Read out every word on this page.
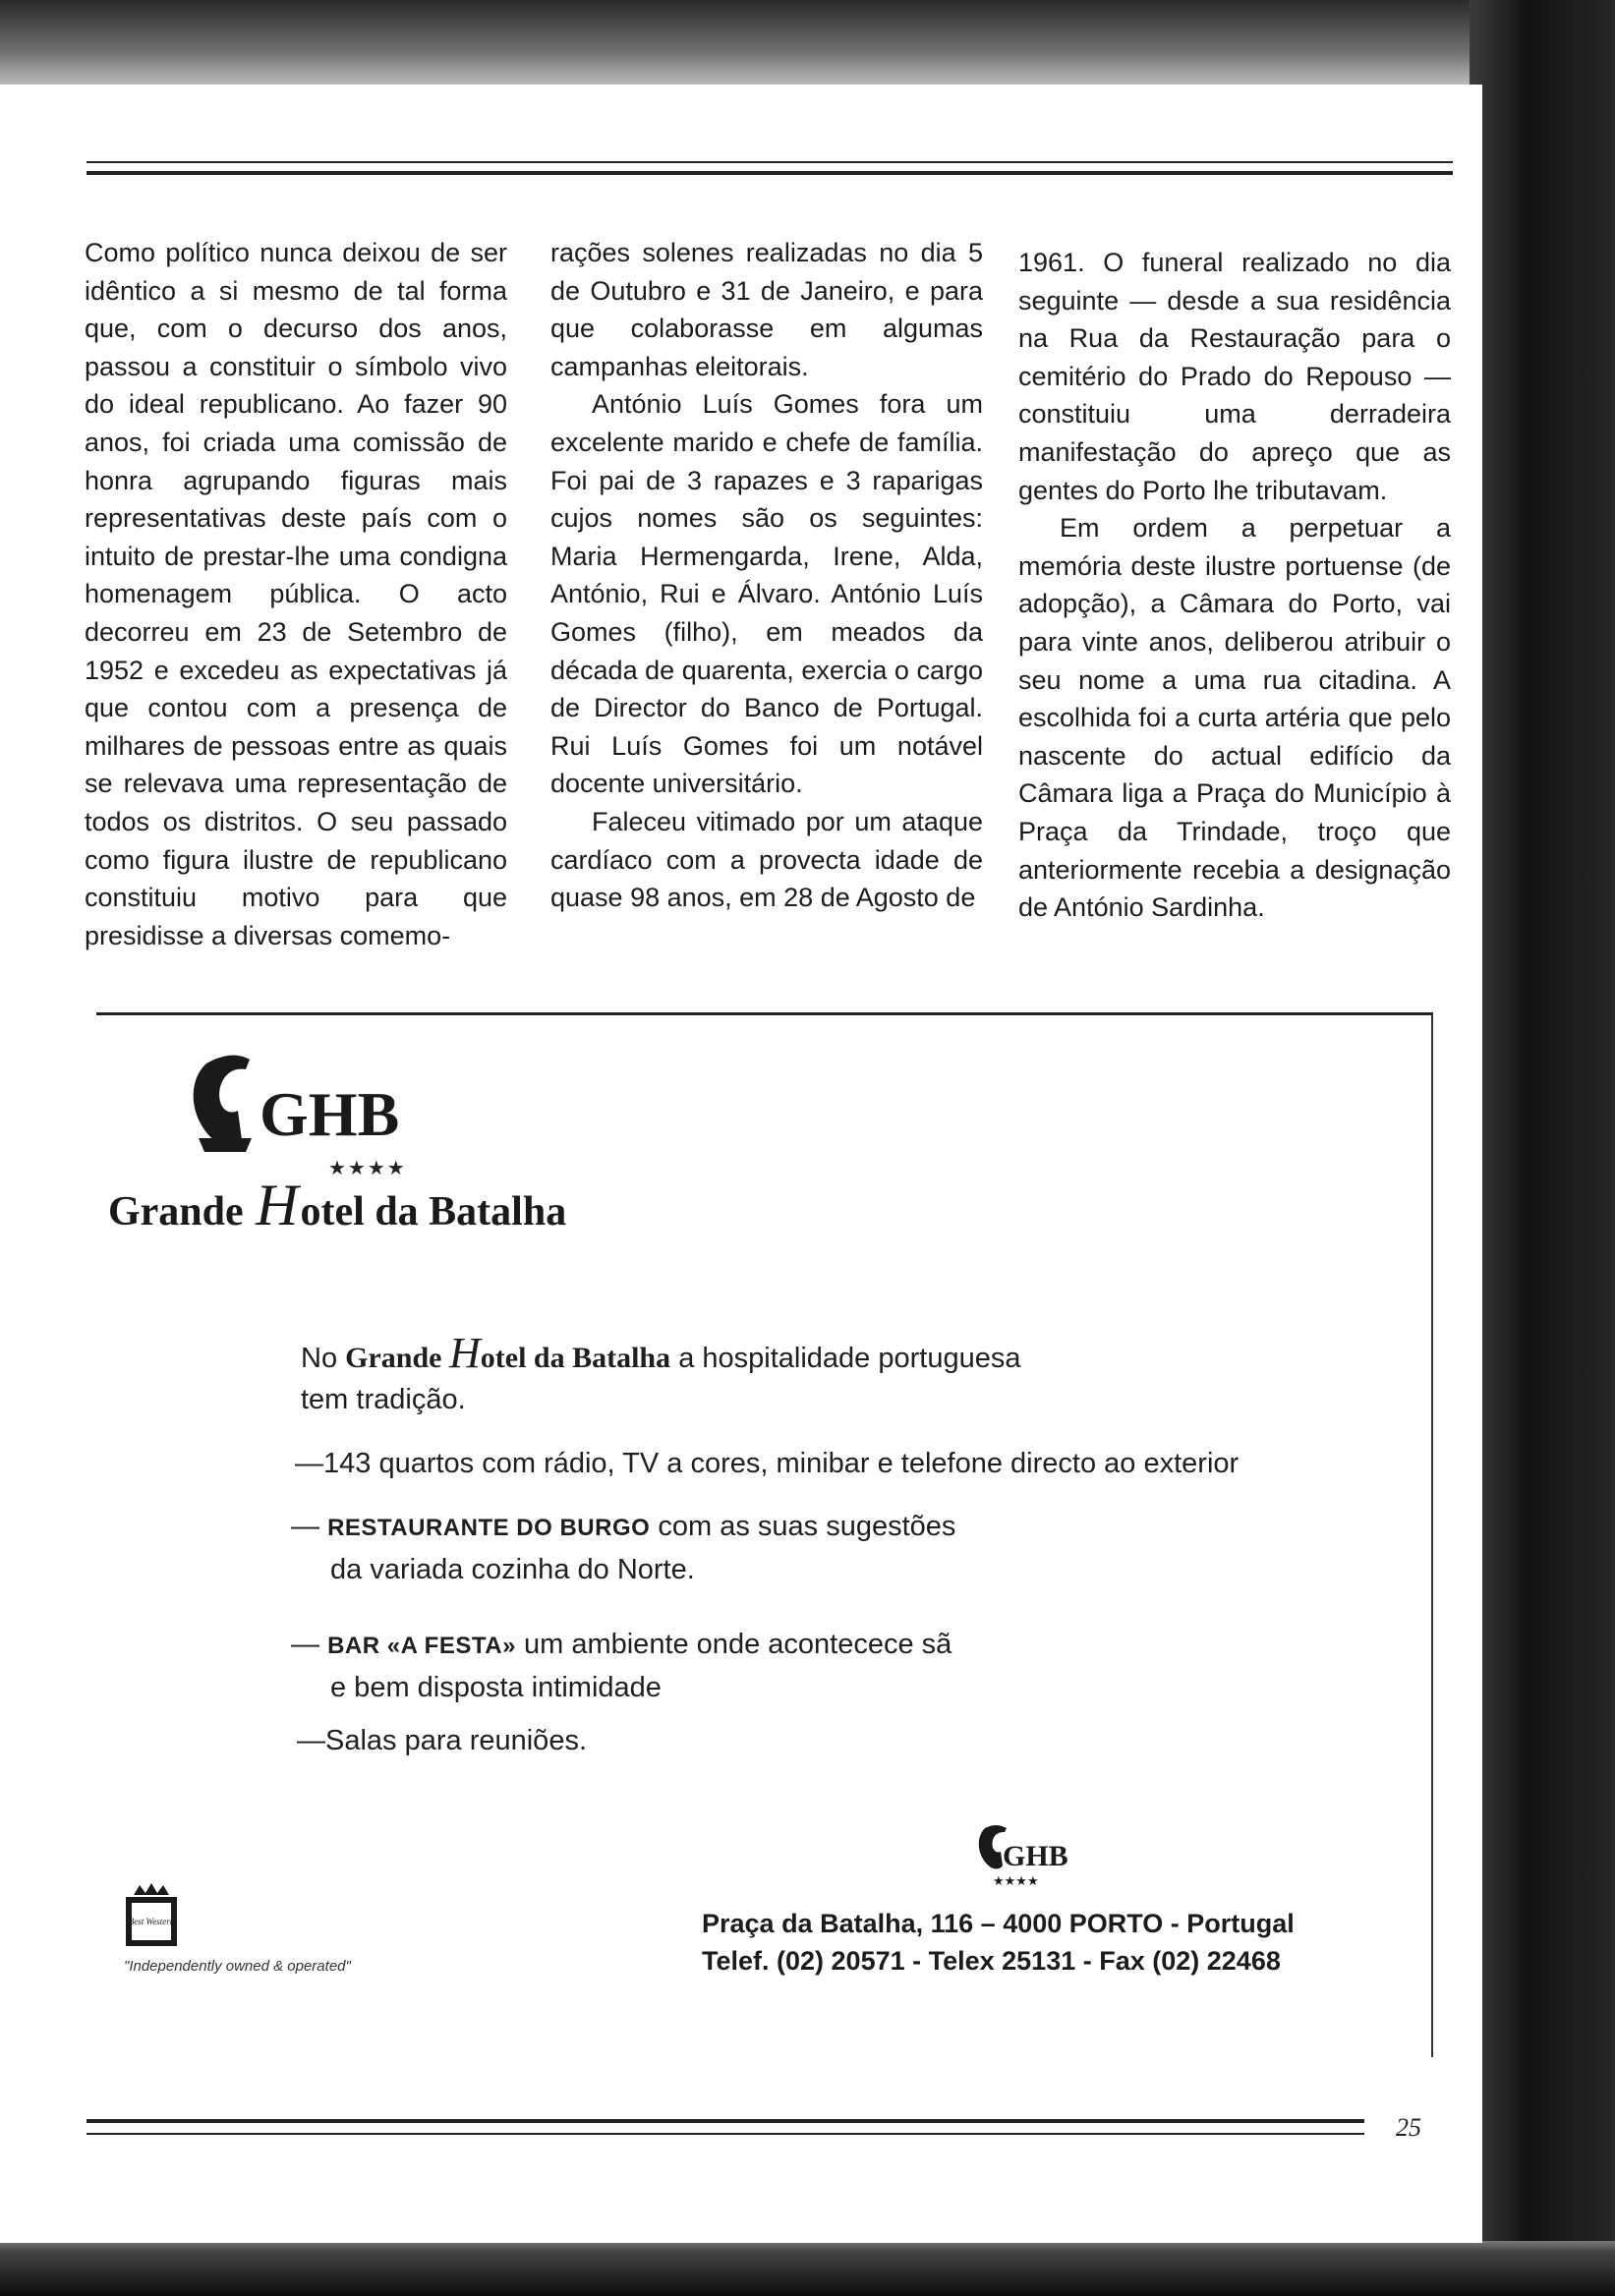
Como político nunca deixou de ser idêntico a si mesmo de tal forma que, com o decurso dos anos, passou a constituir o símbolo vivo do ideal republicano. Ao fazer 90 anos, foi criada uma comissão de honra agrupando figuras mais representativas deste país com o intuito de prestar-lhe uma condigna homenagem pública. O acto decorreu em 23 de Setembro de 1952 e excedeu as expectativas já que contou com a presença de milhares de pessoas entre as quais se relevava uma representação de todos os distritos. O seu passado como figura ilustre de republicano constituiu motivo para que presidisse a diversas comemo-

rações solenes realizadas no dia 5 de Outubro e 31 de Janeiro, e para que colaborasse em algumas campanhas eleitorais.

António Luís Gomes fora um excelente marido e chefe de família. Foi pai de 3 rapazes e 3 raparigas cujos nomes são os seguintes: Maria Hermengarda, Irene, Alda, António, Rui e Álvaro. António Luís Gomes (filho), em meados da década de quarenta, exercia o cargo de Director do Banco de Portugal. Rui Luís Gomes foi um notável docente universitário.

Faleceu vitimado por um ataque cardíaco com a provecta idade de quase 98 anos, em 28 de Agosto de

1961. O funeral realizado no dia seguinte — desde a sua residência na Rua da Restauração para o cemitério do Prado do Repouso — constituiu uma derradeira manifestação do apreço que as gentes do Porto lhe tributavam.

Em ordem a perpetuar a memória deste ilustre portuense (de adopção), a Câmara do Porto, vai para vinte anos, deliberou atribuir o seu nome a uma rua citadina. A escolhida foi a curta artéria que pelo nascente do actual edifício da Câmara liga a Praça do Município à Praça da Trindade, troço que anteriormente recebia a designação de António Sardinha.

GHB
★★★★
Grande Hotel da Batalha

No Grande Hotel da Batalha a hospitalidade portuguesa
tem tradição.

—143 quartos com rádio, TV a cores, minibar e telefone directo ao exterior

— RESTAURANTE DO BURGO com as suas sugestões
da variada cozinha do Norte.

— BAR «A FESTA» um ambiente onde acontecece sã
e bem disposta intimidade

—Salas para reuniões.

GHB
★★★★
Praça da Batalha, 116 – 4000 PORTO - Portugal
Telef. (02) 20571 - Telex 25131 - Fax (02) 22468
Best Western
"Independently owned & operated"
25
